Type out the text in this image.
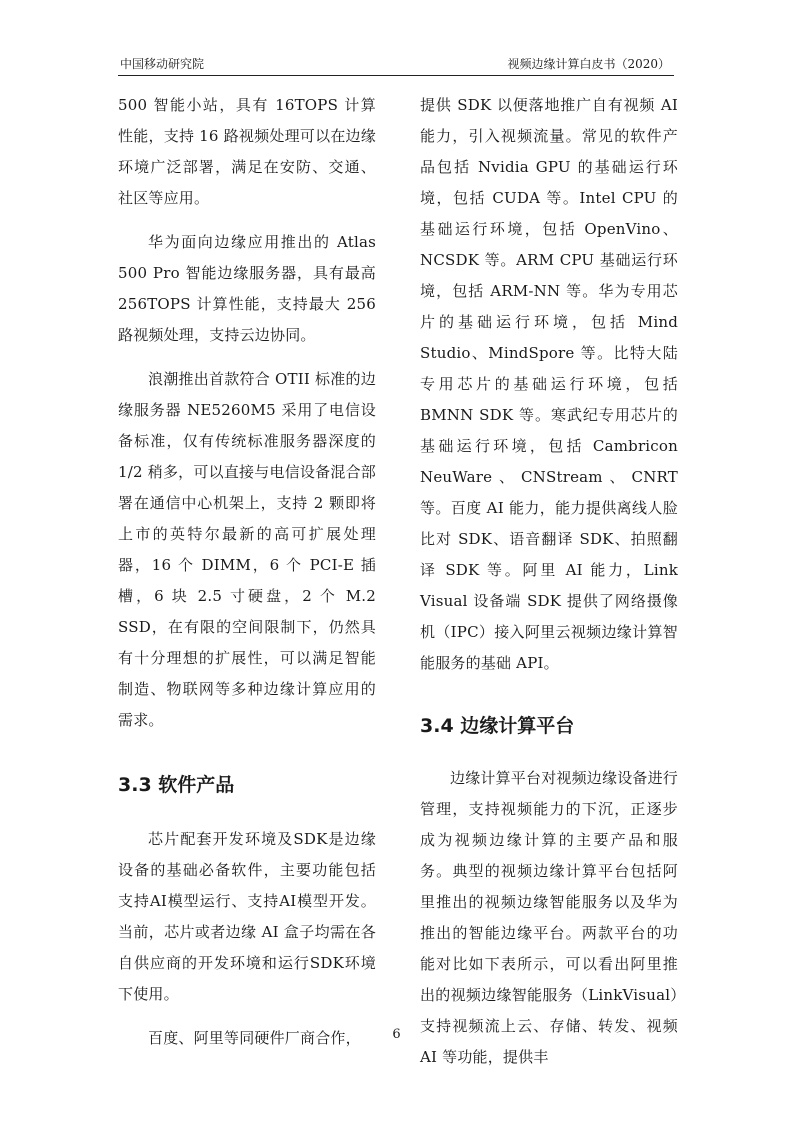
中国移动研究院	视频边缘计算白皮书（2020）

500 智能小站，具有 16TOPS 计算性能，支持 16 路视频处理可以在边缘环境广泛部署，满足在安防、交通、社区等应用。

华为面向边缘应用推出的 Atlas 500 Pro 智能边缘服务器，具有最高 256TOPS 计算性能，支持最大 256 路视频处理，支持云边协同。

浪潮推出首款符合 OTII 标准的边缘服务器 NE5260M5 采用了电信设备标准，仅有传统标准服务器深度的 1/2 稍多，可以直接与电信设备混合部署在通信中心机架上，支持 2 颗即将上市的英特尔最新的高可扩展处理器，16 个 DIMM，6 个 PCI-E 插槽，6 块 2.5 寸硬盘，2 个 M.2 SSD，在有限的空间限制下，仍然具有十分理想的扩展性，可以满足智能制造、物联网等多种边缘计算应用的需求。

3.3 软件产品

芯片配套开发环境及SDK是边缘设备的基础必备软件，主要功能包括支持AI模型运行、支持AI模型开发。当前，芯片或者边缘 AI 盒子均需在各自供应商的开发环境和运行SDK环境下使用。

百度、阿里等同硬件厂商合作，

提供 SDK 以便落地推广自有视频 AI 能力，引入视频流量。常见的软件产品包括 Nvidia GPU 的基础运行环境，包括 CUDA 等。Intel CPU 的基础运行环境，包括 OpenVino、NCSDK 等。ARM CPU 基础运行环境，包括 ARM-NN 等。华为专用芯片的基础运行环境，包括 Mind Studio、MindSpore 等。比特大陆专用芯片的基础运行环境，包括 BMNN SDK 等。寒武纪专用芯片的基础运行环境，包括 Cambricon NeuWare、CNStream、CNRT 等。百度 AI 能力，能力提供离线人脸比对 SDK、语音翻译 SDK、拍照翻译 SDK 等。阿里 AI 能力，Link Visual 设备端 SDK 提供了网络摄像机（IPC）接入阿里云视频边缘计算智能服务的基础 API。

3.4 边缘计算平台

边缘计算平台对视频边缘设备进行管理，支持视频能力的下沉，正逐步成为视频边缘计算的主要产品和服务。典型的视频边缘计算平台包括阿里推出的视频边缘智能服务以及华为推出的智能边缘平台。两款平台的功能对比如下表所示，可以看出阿里推出的视频边缘智能服务（LinkVisual）支持视频流上云、存储、转发、视频 AI 等功能，提供丰

6
